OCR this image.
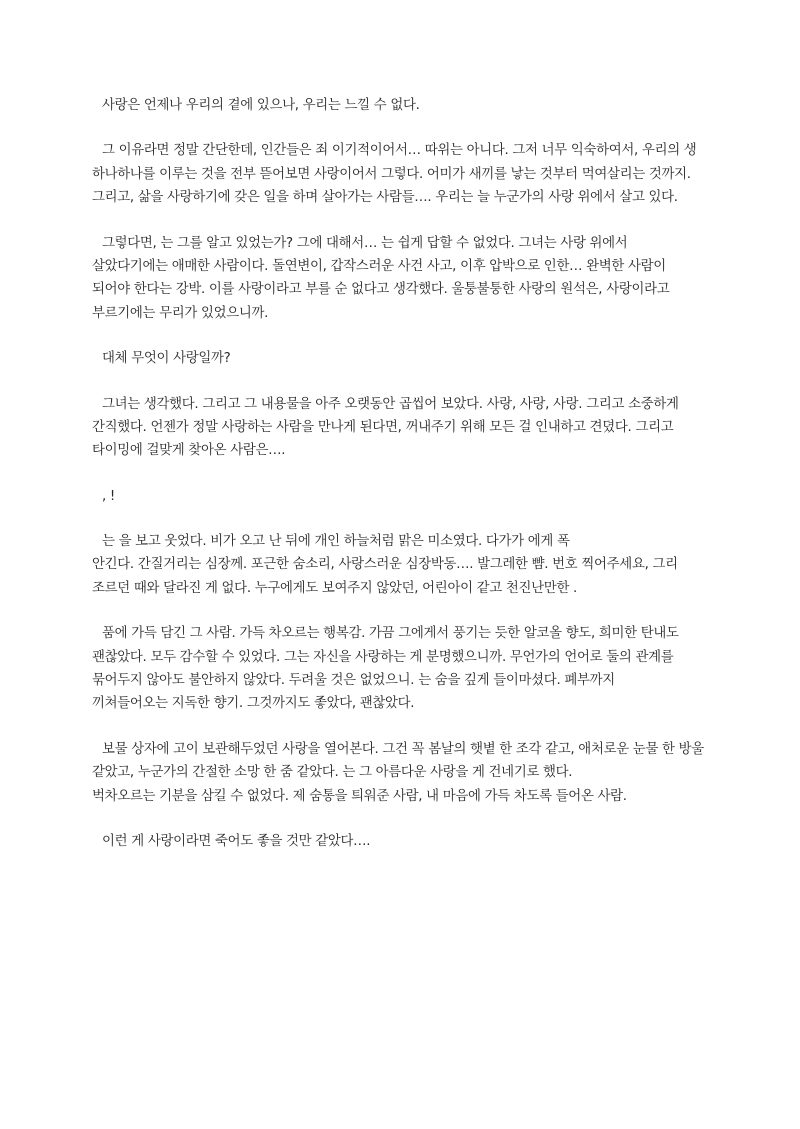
사랑은 언제나 우리의 곁에 있으나, 우리는 느낄 수 없다.
그 이유라면 정말 간단한데, 인간들은 죄 이기적이어서… 따위는 아니다. 그저 너무 익숙하여서, 우리의 생
하나하나를 이루는 것을 전부 뜯어보면 사랑이어서 그렇다. 어미가 새끼를 낳는 것부터 먹여살리는 것까지.
그리고, 삶을 사랑하기에 갖은 일을 하며 살아가는 사람들…. 우리는 늘 누군가의 사랑 위에서 살고 있다.
그렇다면, 는 그를 알고 있었는가? 그에 대해서… 는 쉽게 답할 수 없었다. 그녀는 사랑 위에서
살았다기에는 애매한 사람이다. 돌연변이, 갑작스러운 사건 사고, 이후 압박으로 인한… 완벽한 사람이
되어야 한다는 강박. 이를 사랑이라고 부를 순 없다고 생각했다. 울퉁불퉁한 사랑의 원석은, 사랑이라고
부르기에는 무리가 있었으니까.
대체 무엇이 사랑일까?
그녀는 생각했다. 그리고 그 내용물을 아주 오랫동안 곱씹어 보았다. 사랑, 사랑, 사랑. 그리고 소중하게
간직했다. 언젠가 정말 사랑하는 사람을 만나게 된다면, 꺼내주기 위해 모든 걸 인내하고 견뎠다. 그리고
타이밍에 걸맞게 찾아온 사람은….
, !
는 을 보고 웃었다. 비가 오고 난 뒤에 개인 하늘처럼 맑은 미소였다. 다가가 에게 폭
안긴다. 간질거리는 심장께. 포근한 숨소리, 사랑스러운 심장박동…. 발그레한 뺨. 번호 찍어주세요, 그리
조르던 때와 달라진 게 없다. 누구에게도 보여주지 않았던, 어린아이 같고 천진난만한 .
품에 가득 담긴 그 사람. 가득 차오르는 행복감. 가끔 그에게서 풍기는 듯한 알코올 향도, 희미한 탄내도
괜찮았다. 모두 감수할 수 있었다. 그는 자신을 사랑하는 게 분명했으니까. 무언가의 언어로 둘의 관계를
묶어두지 않아도 불안하지 않았다. 두려울 것은 없었으니. 는 숨을 깊게 들이마셨다. 폐부까지
끼쳐들어오는 지독한 향기. 그것까지도 좋았다, 괜찮았다.
보물 상자에 고이 보관해두었던 사랑을 열어본다. 그건 꼭 봄날의 햇볕 한 조각 같고, 애처로운 눈물 한 방울
같았고, 누군가의 간절한 소망 한 줌 같았다. 는 그 아름다운 사랑을 게 건네기로 했다.
벅차오르는 기분을 삼킬 수 없었다. 제 숨통을 틔워준 사람, 내 마음에 가득 차도록 들어온 사람.
이런 게 사랑이라면 죽어도 좋을 것만 같았다….
